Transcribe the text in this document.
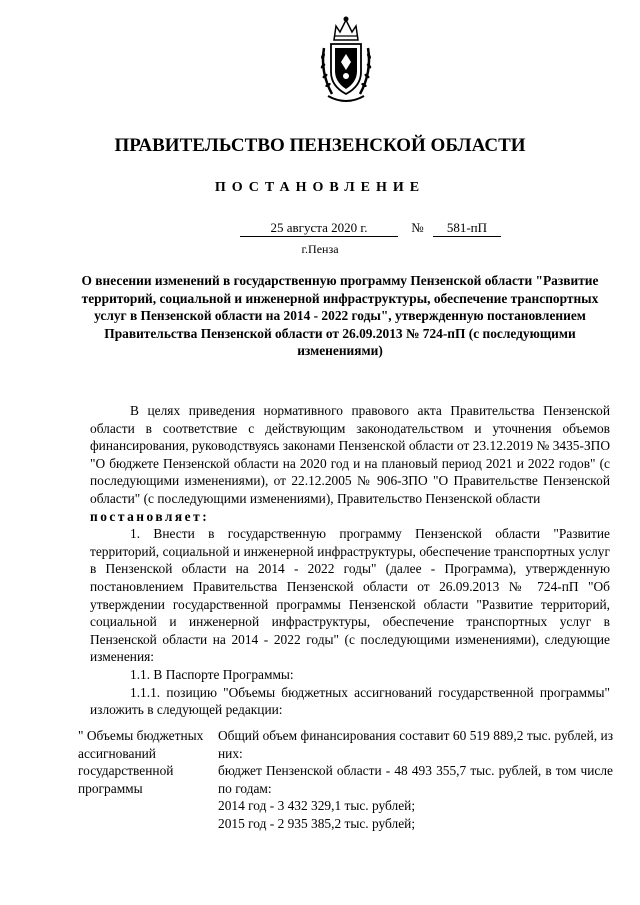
ПРАВИТЕЛЬСТВО ПЕНЗЕНСКОЙ ОБЛАСТИ
ПОСТАНОВЛЕНИЕ
25 августа 2020 г.	№ 581-пП
г.Пенза
О внесении изменений в государственную программу Пензенской области "Развитие территорий, социальной и инженерной инфраструктуры, обеспечение транспортных услуг в Пензенской области на 2014 - 2022 годы", утвержденную постановлением Правительства Пензенской области от 26.09.2013 № 724-пП (с последующими изменениями)

В целях приведения нормативного правового акта Правительства Пензенской области в соответствие с действующим законодательством и уточнения объемов финансирования, руководствуясь законами Пензенской области от 23.12.2019 № 3435-ЗПО "О бюджете Пензенской области на 2020 год и на плановый период 2021 и 2022 годов" (с последующими изменениями), от 22.12.2005 № 906-ЗПО "О Правительстве Пензенской области" (с последующими изменениями), Правительство Пензенской области

постановляет:

1. Внести в государственную программу Пензенской области "Развитие территорий, социальной и инженерной инфраструктуры, обеспечение транспортных услуг в Пензенской области на 2014 - 2022 годы" (далее - Программа), утвержденную постановлением Правительства Пензенской области от 26.09.2013 № 724-пП "Об утверждении государственной программы Пензенской области "Развитие территорий, социальной и инженерной инфраструктуры, обеспечение транспортных услуг в Пензенской области на 2014 - 2022 годы" (с последующими изменениями), следующие изменения:

1.1. В Паспорте Программы:

1.1.1. позицию "Объемы бюджетных ассигнований государственной программы" изложить в следующей редакции:

" Объемы бюджетных ассигнований государственной программы
Общий объем финансирования составит 60 519 889,2 тыс. рублей, из них:
бюджет Пензенской области - 48 493 355,7 тыс. рублей, в том числе по годам:
2014 год - 3 432 329,1 тыс. рублей;
2015 год - 2 935 385,2 тыс. рублей;
